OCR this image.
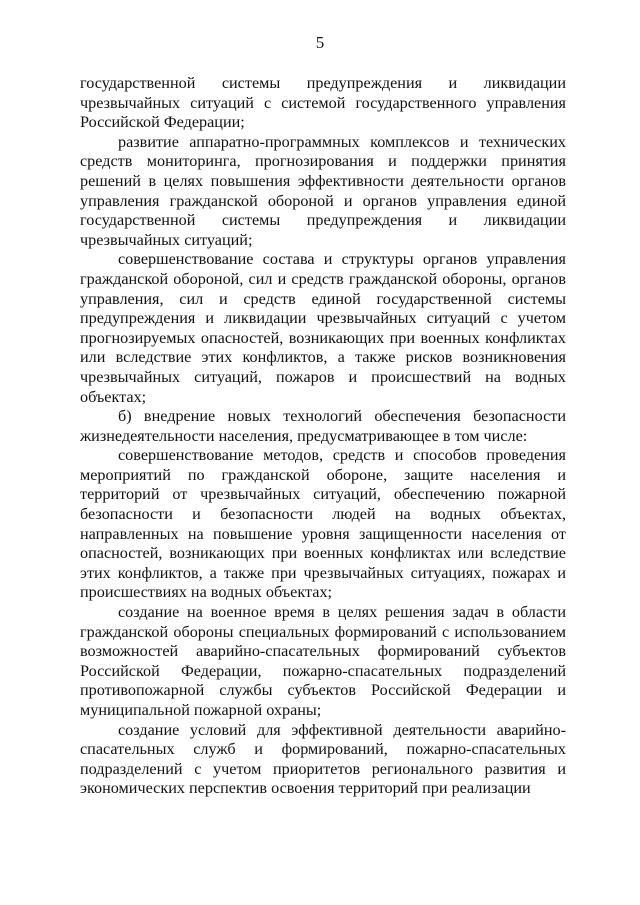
5

государственной системы предупреждения и ликвидации чрезвычайных ситуаций с системой государственного управления Российской Федерации;

развитие аппаратно-программных комплексов и технических средств мониторинга, прогнозирования и поддержки принятия решений в целях повышения эффективности деятельности органов управления гражданской обороной и органов управления единой государственной системы предупреждения и ликвидации чрезвычайных ситуаций;

совершенствование состава и структуры органов управления гражданской обороной, сил и средств гражданской обороны, органов управления, сил и средств единой государственной системы предупреждения и ликвидации чрезвычайных ситуаций с учетом прогнозируемых опасностей, возникающих при военных конфликтах или вследствие этих конфликтов, а также рисков возникновения чрезвычайных ситуаций, пожаров и происшествий на водных объектах;

б) внедрение новых технологий обеспечения безопасности жизнедеятельности населения, предусматривающее в том числе:

совершенствование методов, средств и способов проведения мероприятий по гражданской обороне, защите населения и территорий от чрезвычайных ситуаций, обеспечению пожарной безопасности и безопасности людей на водных объектах, направленных на повышение уровня защищенности населения от опасностей, возникающих при военных конфликтах или вследствие этих конфликтов, а также при чрезвычайных ситуациях, пожарах и происшествиях на водных объектах;

создание на военное время в целях решения задач в области гражданской обороны специальных формирований с использованием возможностей аварийно-спасательных формирований субъектов Российской Федерации, пожарно-спасательных подразделений противопожарной службы субъектов Российской Федерации и муниципальной пожарной охраны;

создание условий для эффективной деятельности аварийно-спасательных служб и формирований, пожарно-спасательных подразделений с учетом приоритетов регионального развития и экономических перспектив освоения территорий при реализации
